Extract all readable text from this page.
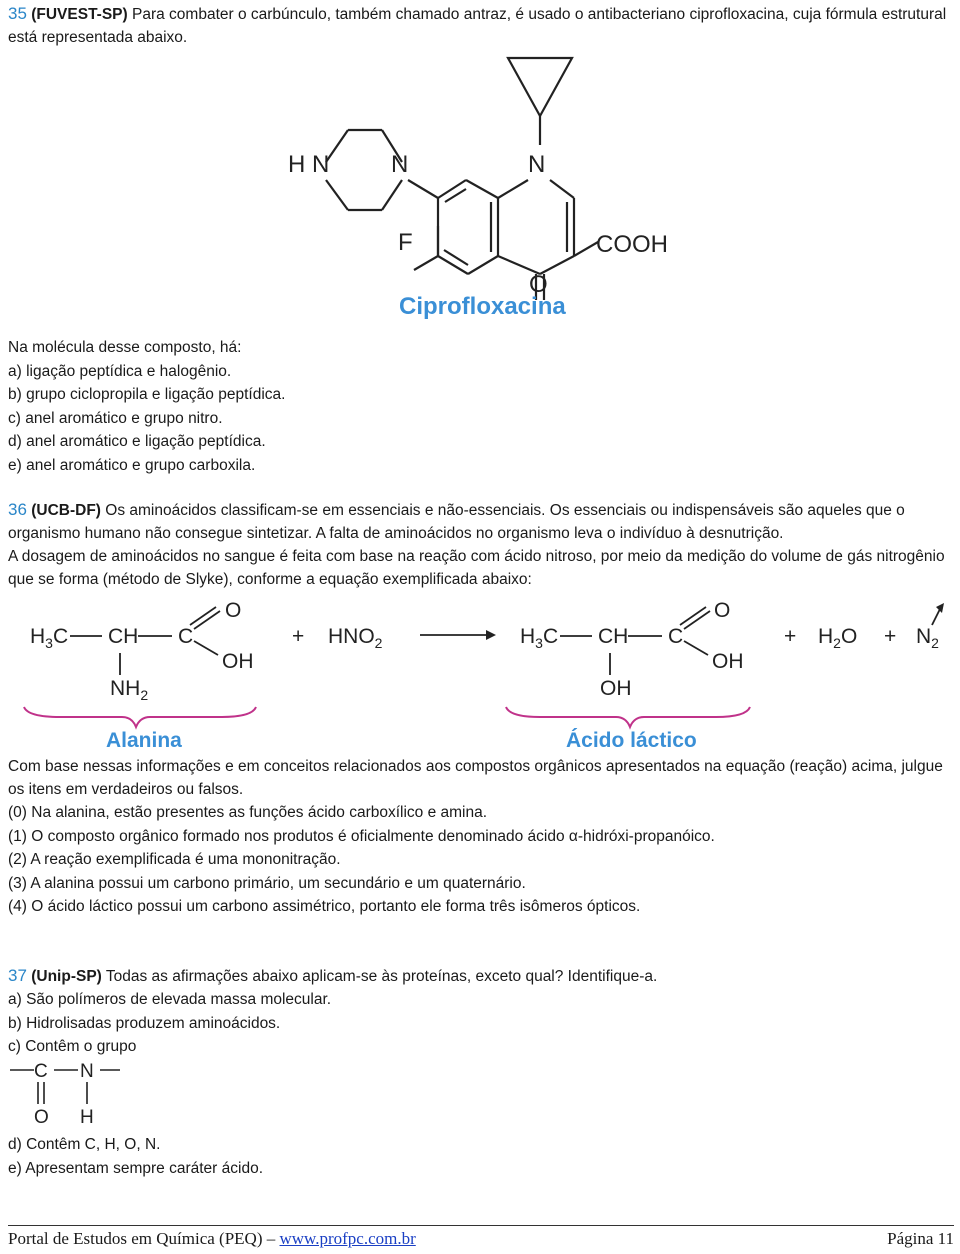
35 (FUVEST-SP) Para combater o carbúnculo, também chamado antraz, é usado o antibacteriano ciprofloxacina, cuja fórmula estrutural está representada abaixo.

H N	N	N
F	COOH
O
Ciprofloxacina

Na molécula desse composto, há:

a) ligação peptídica e halogênio.

b) grupo ciclopropila e ligação peptídica.

c) anel aromático e grupo nitro.

d) anel aromático e ligação peptídica.

e) anel aromático e grupo carboxila.

36 (UCB-DF) Os aminoácidos classificam-se em essenciais e não-essenciais. Os essenciais ou indispensáveis são aqueles que o organismo humano não consegue sintetizar. A falta de aminoácidos no organismo leva o indivíduo à desnutrição.

A dosagem de aminoácidos no sangue é feita com base na reação com ácido nitroso, por meio da medição do volume de gás nitrogênio que se forma (método de Slyke), conforme a equação exemplificada abaixo:

$H_3C$ CH C
O
OH
$NH_2$
+ $HNO_2$	$H_3C$ CH C
O
OH
OH
+ $H_2O + N_2$
Alanina	Ácido láctico

Com base nessas informações e em conceitos relacionados aos compostos orgânicos apresentados na equação (reação) acima, julgue os itens em verdadeiros ou falsos.

(0) Na alanina, estão presentes as funções ácido carboxílico e amina.

(1) O composto orgânico formado nos produtos é oficialmente denominado ácido α-hidróxi-propanóico.

(2) A reação exemplificada é uma mononitração.

(3) A alanina possui um carbono primário, um secundário e um quaternário.

(4) O ácido láctico possui um carbono assimétrico, portanto ele forma três isômeros ópticos.

37 (Unip-SP) Todas as afirmações abaixo aplicam-se às proteínas, exceto qual? Identifique-a.

a) São polímeros de elevada massa molecular.

b) Hidrolisadas produzem aminoácidos.

c) Contêm o grupo

C N
O H

d) Contêm C, H, O, N.

e) Apresentam sempre caráter ácido.

Portal de Estudos em Química (PEQ) – www.profpc.com.br	Página 11
